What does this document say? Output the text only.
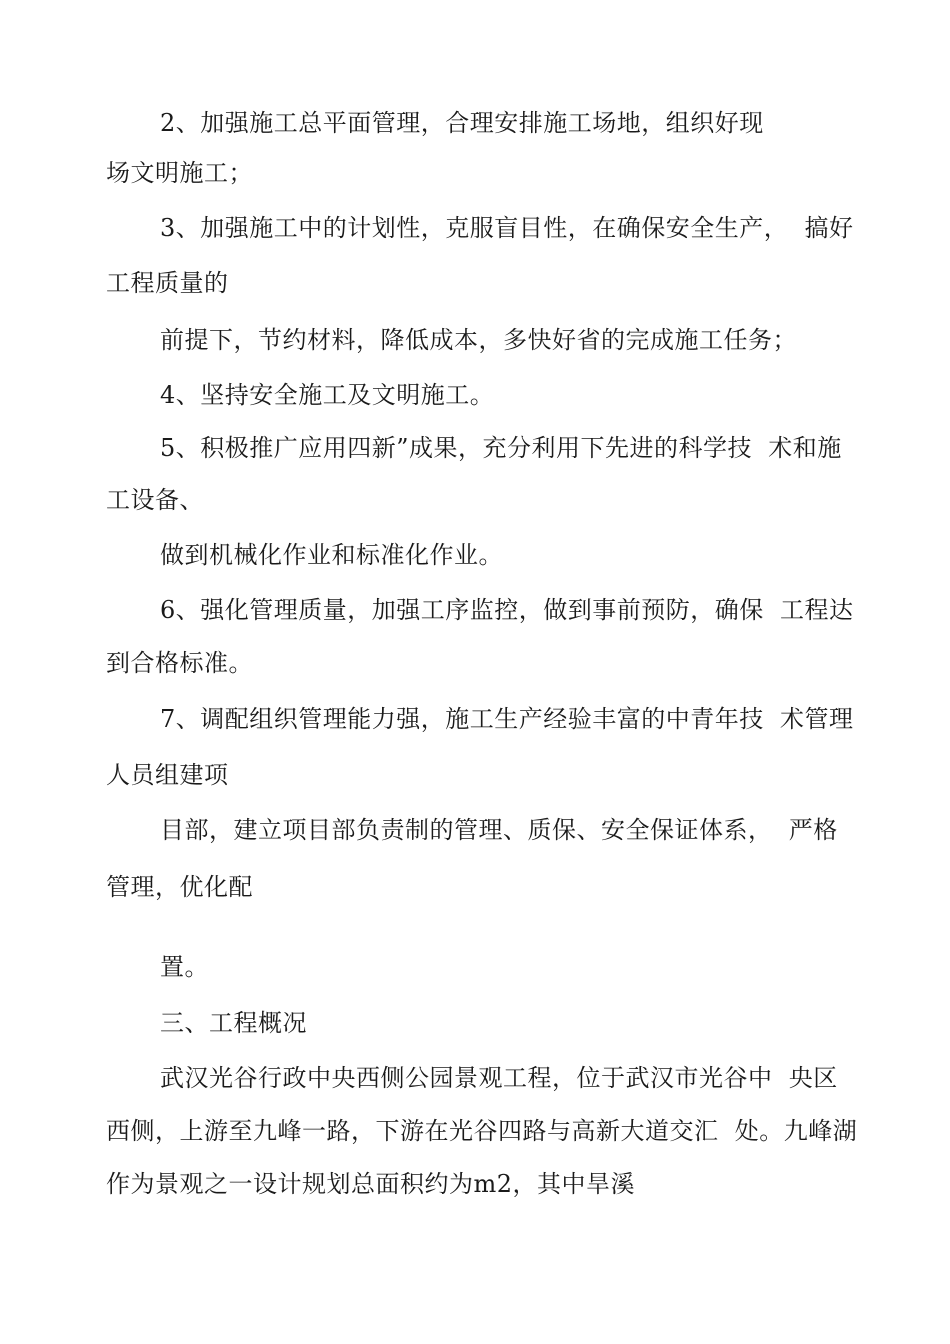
2、加强施工总平面管理，合理安排施工场地，组织好现
场文明施工；
3、加强施工中的计划性，克服盲目性，在确保安全生产，  搞好
工程质量的
前提下，节约材料，降低成本，多快好省的完成施工任务；
4、坚持安全施工及文明施工。
5、积极推广应用四新”成果，充分利用下先进的科学技  术和施
工设备、
做到机械化作业和标准化作业。
6、强化管理质量，加强工序监控，做到事前预防，确保  工程达
到合格标准。
7、调配组织管理能力强，施工生产经验丰富的中青年技  术管理
人员组建项
目部，建立项目部负责制的管理、质保、安全保证体系，  严格
管理，优化配
置。
三、工程概况
武汉光谷行政中央西侧公园景观工程，位于武汉市光谷中  央区
西侧，上游至九峰一路，下游在光谷四路与高新大道交汇  处。九峰湖
作为景观之一设计规划总面积约为m2，其中旱溪
